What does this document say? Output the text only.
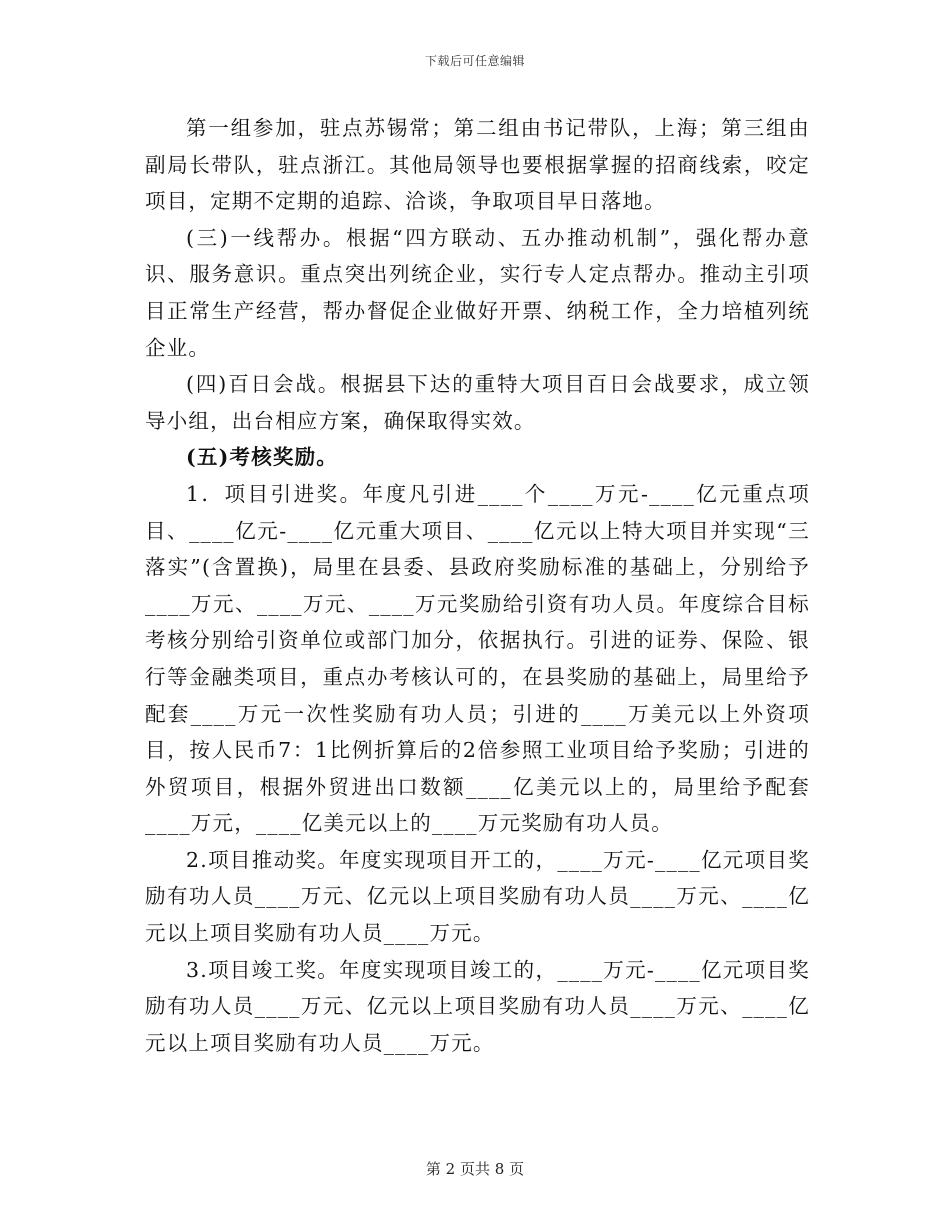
下载后可任意编辑

第一组参加，驻点苏锡常；第二组由书记带队，上海；第三组由副局长带队，驻点浙江。其他局领导也要根据掌握的招商线索，咬定项目，定期不定期的追踪、洽谈，争取项目早日落地。

(三)一线帮办。根据“四方联动、五办推动机制”，强化帮办意识、服务意识。重点突出列统企业，实行专人定点帮办。推动主引项目正常生产经营，帮办督促企业做好开票、纳税工作，全力培植列统企业。

(四)百日会战。根据县下达的重特大项目百日会战要求，成立领导小组，出台相应方案，确保取得实效。

(五)考核奖励。

1．项目引进奖。年度凡引进____个____万元-____亿元重点项目、____亿元-____亿元重大项目、____亿元以上特大项目并实现“三落实”(含置换)，局里在县委、县政府奖励标准的基础上，分别给予____万元、____万元、____万元奖励给引资有功人员。年度综合目标考核分别给引资单位或部门加分，依据执行。引进的证券、保险、银行等金融类项目，重点办考核认可的，在县奖励的基础上，局里给予配套____万元一次性奖励有功人员；引进的____万美元以上外资项目，按人民币7：1比例折算后的2倍参照工业项目给予奖励；引进的外贸项目，根据外贸进出口数额____亿美元以上的，局里给予配套____万元，____亿美元以上的____万元奖励有功人员。

2.项目推动奖。年度实现项目开工的，____万元-____亿元项目奖励有功人员____万元、亿元以上项目奖励有功人员____万元、____亿元以上项目奖励有功人员____万元。

3.项目竣工奖。年度实现项目竣工的，____万元-____亿元项目奖励有功人员____万元、亿元以上项目奖励有功人员____万元、____亿元以上项目奖励有功人员____万元。

第 2 页共 8 页
